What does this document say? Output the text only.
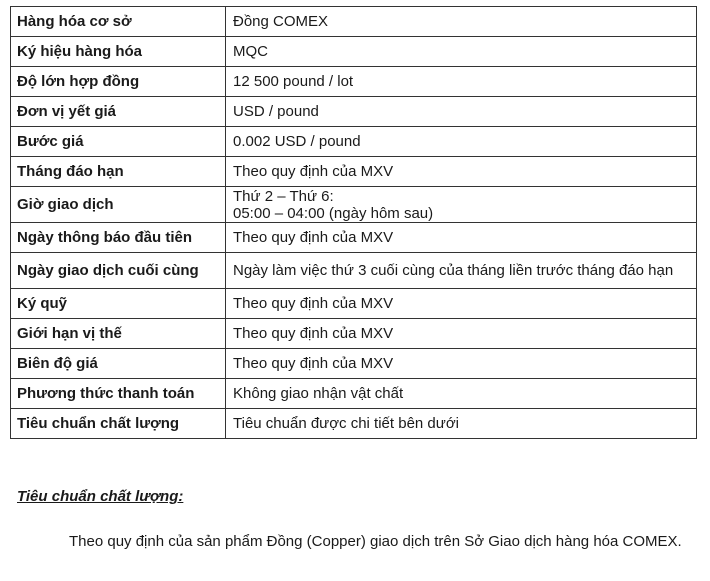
Hàng hóa cơ sở	Đồng COMEX
Ký hiệu hàng hóa	MQC
Độ lớn hợp đồng	12 500 pound / lot
Đơn vị yết giá	USD / pound
Bước giá	0.002 USD / pound
Tháng đáo hạn	Theo quy định của MXV
Giờ giao dịch	Thứ 2 – Thứ 6:
05:00 – 04:00 (ngày hôm sau)

Ngày thông báo đầu tiên	Theo quy định của MXV
Ngày giao dịch cuối cùng	Ngày làm việc thứ 3 cuối cùng của tháng liền trước tháng đáo hạn
Ký quỹ	Theo quy định của MXV
Giới hạn vị thế	Theo quy định của MXV
Biên độ giá	Theo quy định của MXV
Phương thức thanh toán	Không giao nhận vật chất
Tiêu chuẩn chất lượng	Tiêu chuẩn được chi tiết bên dưới

Tiêu chuẩn chất lượng:

Theo quy định của sản phẩm Đồng (Copper) giao dịch trên Sở Giao dịch hàng hóa COMEX.
